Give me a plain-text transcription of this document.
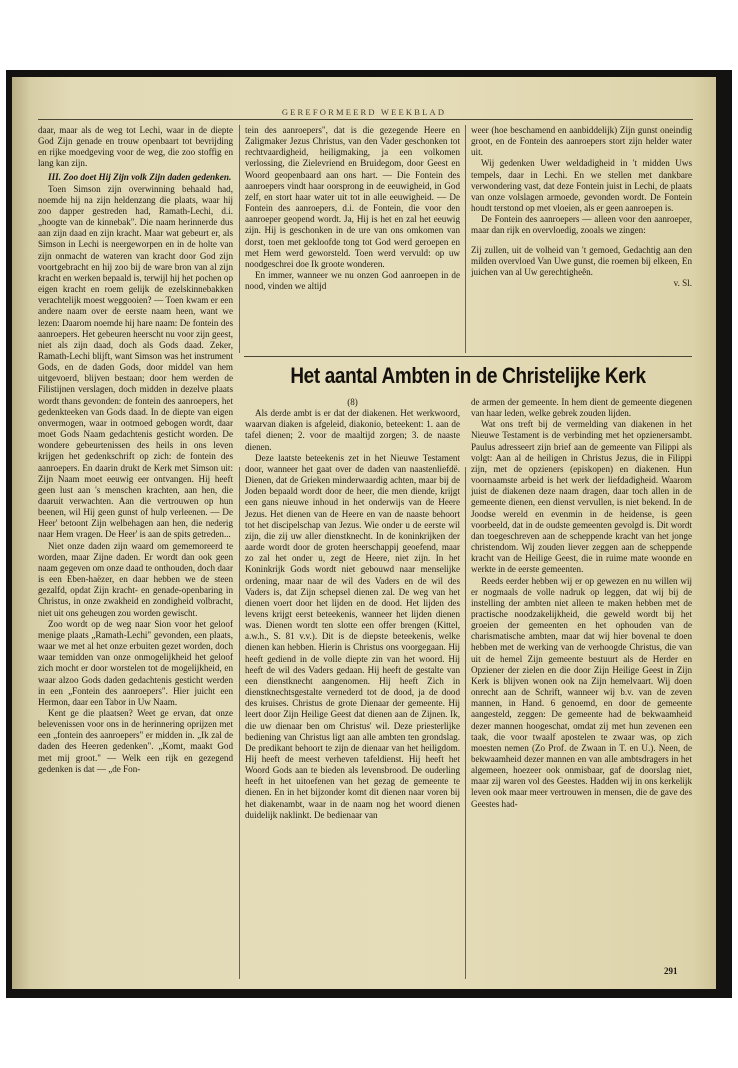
GEREFORMEERD WEEKBLAD

daar, maar als de weg tot Lechi, waar in de diepte God Zijn genade en trouw openbaart tot bevrijding en rijke moedgeving voor de weg, die zoo stoffig en lang kan zijn.

III. Zoo doet Hij Zijn volk Zijn daden gedenken.

Toen Simson zijn overwinning behaald had, noemde hij na zijn heldenzang die plaats, waar hij zoo dapper gestreden had, Ramath-Lechi, d.i. „hoogte van de kinnebak". Die naam herinnerde dus aan zijn daad en zijn kracht. Maar wat gebeurt er, als Simson in Lechi is neergeworpen en in de holte van zijn onmacht de wateren van kracht door God zijn voortgebracht en hij zoo bij de ware bron van al zijn kracht en werken bepaald is, terwijl hij het pochen op eigen kracht en roem gelijk de ezelskinnebakken verachtelijk moest weggooien? — Toen kwam er een andere naam over de eerste naam heen, want we lezen: Daarom noemde hij hare naam: De fontein des aanroepers. Het gebeuren heerscht nu voor zijn geest, niet als zijn daad, doch als Gods daad. Zeker, Ramath-Lechi blijft, want Simson was het instrument Gods, en de daden Gods, door middel van hem uitgevoerd, blijven bestaan; door hem werden de Filistijnen verslagen, doch midden in dezelve plaats wordt thans gevonden: de fontein des aanroepers, het gedenkteeken van Gods daad. In de diepte van eigen onvermogen, waar in ootmoed gebogen wordt, daar moet Gods Naam gedachtenis gesticht worden. De wondere gebeurtenissen des heils in ons leven krijgen het gedenkschrift op zich: de fontein des aanroepers. En daarin drukt de Kerk met Simson uit: Zijn Naam moet eeuwig eer ontvangen. Hij heeft geen lust aan 's menschen krachten, aan hen, die daaruit verwachten. Aan die vertrouwen op hun beenen, wil Hij geen gunst of hulp verleenen. — De Heer' betoont Zijn welbehagen aan hen, die nederig naar Hem vragen. De Heer' is aan de spits getreden...

Niet onze daden zijn waard om gememoreerd te worden, maar Zijne daden. Er wordt dan ook geen naam gegeven om onze daad te onthouden, doch daar is een Eben-haëzer, en daar hebben we de steen gezalfd, opdat Zijn kracht- en genade-openbaring in Christus, in onze zwakheid en zondigheid volbracht, niet uit ons geheugen zou worden gewischt.

Zoo wordt op de weg naar Sion voor het geloof menige plaats „Ramath-Lechi" gevonden, een plaats, waar we met al het onze erbuiten gezet worden, doch waar temidden van onze onmogelijkheid het geloof zich mocht er door worstelen tot de mogelijkheid, en waar alzoo Gods daden gedachtenis gesticht werden in een „Fontein des aanroepers". Hier juicht een Hermon, daar een Tabor in Uw Naam.

Kent ge die plaatsen? Weet ge ervan, dat onze belevenissen voor ons in de herinnering oprijzen met een „fontein des aanroepers" er midden in. „Ik zal de daden des Heeren gedenken". „Komt, maakt God met mij groot." — Welk een rijk en gezegend gedenken is dat — „de Fon-

tein des aanroepers", dat is die gezegende Heere en Zaligmaker Jezus Christus, van den Vader geschonken tot rechtvaardigheid, heiligmaking, ja een volkomen verlossing, die Zielevriend en Bruidegom, door Geest en Woord geopenbaard aan ons hart. — Die Fontein des aanroepers vindt haar oorsprong in de eeuwigheid, in God zelf, en stort haar water uit tot in alle eeuwigheid. — De Fontein des aanroepers, d.i. de Fontein, die voor den aanroeper geopend wordt. Ja, Hij is het en zal het eeuwig zijn. Hij is geschonken in de ure van ons omkomen van dorst, toen met gekloofde tong tot God werd geroepen en met Hem werd geworsteld. Toen werd vervuld: op uw noodgeschrei doe Ik groote wonderen.

En immer, wanneer we nu onzen God aanroepen in de nood, vinden we altijd

weer (hoe beschamend en aanbiddelijk) Zijn gunst oneindig groot, en de Fontein des aanroepers stort zijn helder water uit.

Wij gedenken Uwer weldadigheid in 't midden Uws tempels, daar in Lechi. En we stellen met dankbare verwondering vast, dat deze Fontein juist in Lechi, de plaats van onze volslagen armoede, gevonden wordt. De Fontein houdt terstond op met vloeien, als er geen aanroepen is.

De Fontein des aanroepers — alleen voor den aanroeper, maar dan rijk en overvloedig, zooals we zingen:

Zij zullen, uit de volheid van 't gemoed, Gedachtig aan den milden overvloed Van Uwe gunst, die roemen bij elkeen, En juichen van al Uw gerechtigheên.

v. Sl.

Het aantal Ambten in de Christelijke Kerk

(8)

Als derde ambt is er dat der diakenen. Het werkwoord, waarvan diaken is afgeleid, diakonio, beteekent: 1. aan de tafel dienen; 2. voor de maaltijd zorgen; 3. de naaste dienen.

Deze laatste beteekenis zet in het Nieuwe Testament door, wanneer het gaat over de daden van naastenliefdë. Dienen, dat de Grieken minderwaardig achten, maar bij de Joden bepaald wordt door de heer, die men diende, krijgt een gans nieuwe inhoud in het onderwijs van de Heere Jezus. Het dienen van de Heere en van de naaste behoort tot het discipelschap van Jezus. Wie onder u de eerste wil zijn, die zij uw aller dienstknecht. In de koninkrijken der aarde wordt door de groten heerschappij geoefend, maar zo zal het onder u, zegt de Heere, niet zijn. In het Koninkrijk Gods wordt niet gebouwd naar menselijke ordening, maar naar de wil des Vaders en de wil des Vaders is, dat Zijn schepsel dienen zal. De weg van het dienen voert door het lijden en de dood. Het lijden des levens krijgt eerst beteekenis, wanneer het lijden dienen was. Dienen wordt ten slotte een offer brengen (Kittel, a.w.h., S. 81 v.v.). Dit is de diepste beteekenis, welke dienen kan hebben. Hierin is Christus ons voorgegaan. Hij heeft gediend in de volle diepte zin van het woord. Hij heeft de wil des Vaders gedaan. Hij heeft de gestalte van een dienstknecht aangenomen. Hij heeft Zich in dienstknechtsgestalte vernederd tot de dood, ja de dood des kruises. Christus de grote Dienaar der gemeente. Hij leert door Zijn Heilige Geest dat dienen aan de Zijnen. Ik, die uw dienaar ben om Christus' wil. Deze priesterlijke bediening van Christus ligt aan alle ambten ten grondslag. De predikant behoort te zijn de dienaar van het heiligdom. Hij heeft de meest verheven tafeldienst. Hij heeft het Woord Gods aan te bieden als levensbrood. De ouderling heeft in het uitoefenen van het gezag de gemeente te dienen. En in het bijzonder komt dit dienen naar voren bij het diakenambt, waar in de naam nog het woord dienen duidelijk naklinkt. De bedienaar van

de armen der gemeente. In hem dient de gemeente diegenen van haar leden, welke gebrek zouden lijden.

Wat ons treft bij de vermelding van diakenen in het Nieuwe Testament is de verbinding met het opzienersambt. Paulus adresseert zijn brief aan de gemeente van Filippi als volgt: Aan al de heiligen in Christus Jezus, die in Filippi zijn, met de opzieners (episkopen) en diakenen. Hun voornaamste arbeid is het werk der liefdadigheid. Waarom juist de diakenen deze naam dragen, daar toch allen in de gemeente dienen, een dienst vervullen, is niet bekend. In de Joodse wereld en evenmin in de heidense, is geen voorbeeld, dat in de oudste gemeenten gevolgd is. Dit wordt dan toegeschreven aan de scheppende kracht van het jonge christendom. Wij zouden liever zeggen aan de scheppende kracht van de Heilige Geest, die in ruime mate woonde en werkte in de eerste gemeenten.

Reeds eerder hebben wij er op gewezen en nu willen wij er nogmaals de volle nadruk op leggen, dat wij bij de instelling der ambten niet alleen te maken hebben met de practische noodzakelijkheid, die geweld wordt bij het groeien der gemeenten en het ophouden van de charismatische ambten, maar dat wij hier bovenal te doen hebben met de werking van de verhoogde Christus, die van uit de hemel Zijn gemeente bestuurt als de Herder en Opziener der zielen en die door Zijn Heilige Geest in Zijn Kerk is blijven wonen ook na Zijn hemelvaart. Wij doen onrecht aan de Schrift, wanneer wij b.v. van de zeven mannen, in Hand. 6 genoemd, en door de gemeente aangesteld, zeggen: De gemeente had de bekwaamheid dezer mannen hoogeschat, omdat zij met hun zevenen een taak, die voor twaalf apostelen te zwaar was, op zich moesten nemen (Zo Prof. de Zwaan in T. en U.). Neen, de bekwaamheid dezer mannen en van alle ambtsdragers in het algemeen, hoezeer ook onmisbaar, gaf de doorslag niet, maar zij waren vol des Geestes. Hadden wij in ons kerkelijk leven ook maar meer vertrouwen in mensen, die de gave des Geestes had-

291
